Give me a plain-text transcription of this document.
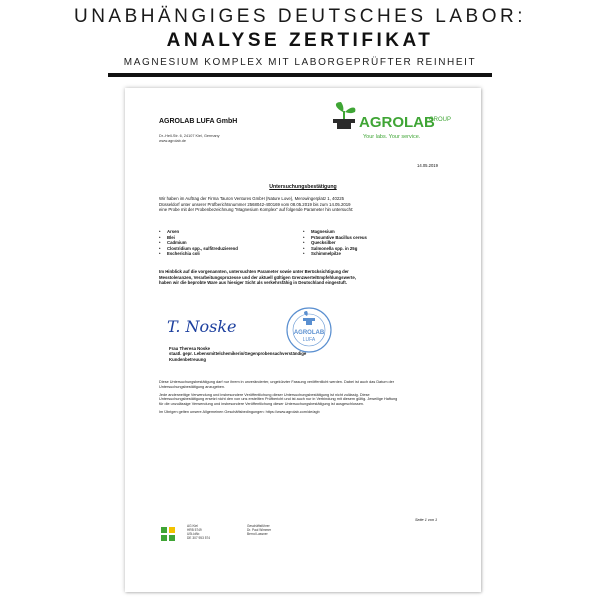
UNABHÄNGIGES DEUTSCHES LABOR:
ANALYSE ZERTIFIKAT
MAGNESIUM KOMPLEX MIT LABORGEPRÜFTER REINHEIT
AGROLAB LUFA GmbH
Dr.-Hell-Str. 6, 24107 Kiel, Germany
www.agrolab.de
AGROLAB
GROUP
Your labs. Your service.
14.05.2019
Untersuchungsbestätigung

Wir haben im Auftrag der Firma Tauron Ventures GmbH (Nature Love), Merowingerplatz 1, 40225

Düsseldorf unter unserer Prüfberichtsnummer 2568042-400169 vom 08.05.2019 bis zum 14.05.2019

eine Probe mit der Probenbezeichnung "Magnesium Komplex" auf folgende Parameter hin untersucht:

• Arsen
• Blei
• Cadmium
• Clostridium spp., sulfitreduzierend
• Escherichia coli
• Magnesium
• Präsumtive Bacillus cereus
• Quecksilber
• Salmonella spp. in 25g
• Schimmelpilze

Im Hinblick auf die vorgenannten, untersuchten Parameter sowie unter Berücksichtigung der

Messtoleranzen, Verarbeitungsprozesse und der aktuell gültigen Grenzwerte/Empfehlungswerte,

haben wir die beprobte Ware aus hiesiger Sicht als verkehrsfähig in Deutschland eingestuft.

T. Noske	AGROLAB
LUFA

Frau Theresa Noske

staatl. gepr. Lebensmittelchemikerin/Gegenprobensachverständige

Kundenbetreuung

Diese Untersuchungsbestätigung darf nur ihrem in unveränderter, ungekürzter Fassung veröffentlicht werden. Dabei ist auch das Datum der
Untersuchungsbestätigung anzugeben.

Jede anderweitige Verwendung und insbesondere Veröffentlichung dieser Untersuchungsbestätigung ist nicht zulässig. Diese
Untersuchungsbestätigung ersetzt nicht den von uns erstellten Prüfbericht und ist auch nur in Verbindung mit diesem gültig. Jeweilige Haftung
für die unzulässige Verwendung und insbesondere Veröffentlichung dieser Untersuchungsbestätigung ist ausgeschlossen.

Im Übrigen gelten unsere Allgemeinen Geschäftsbedingungen: https://www.agrolab.com/de/agb

Seite 1 von 1

AG Kiel

HRB 5749

USt-IdNr.

DE 307 953 574

Geschäftsführer

Dr. Paul Wimmer

Bernd Lassner
